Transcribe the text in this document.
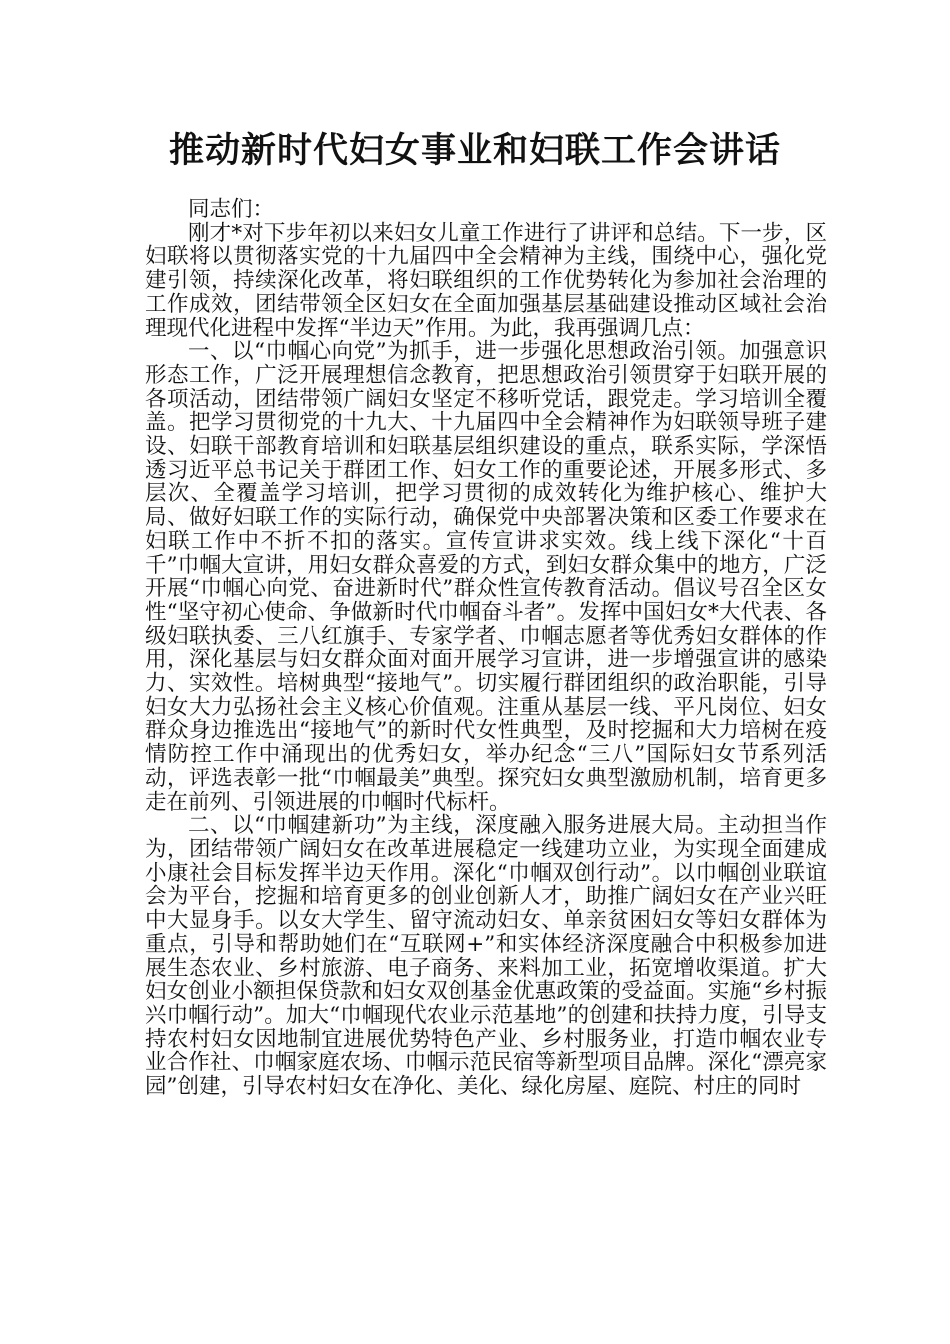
推动新时代妇女事业和妇联工作会讲话

同志们：

刚才*对下步年初以来妇女儿童工作进行了讲评和总结。下一步，区妇联将以贯彻落实党的十九届四中全会精神为主线，围绕中心，强化党建引领，持续深化改革，将妇联组织的工作优势转化为参加社会治理的工作成效，团结带领全区妇女在全面加强基层基础建设推动区域社会治理现代化进程中发挥“半边天”作用。为此，我再强调几点：

一、以“巾帼心向党”为抓手，进一步强化思想政治引领。加强意识形态工作，广泛开展理想信念教育，把思想政治引领贯穿于妇联开展的各项活动，团结带领广阔妇女坚定不移听党话，跟党走。学习培训全覆盖。把学习贯彻党的十九大、十九届四中全会精神作为妇联领导班子建设、妇联干部教育培训和妇联基层组织建设的重点，联系实际，学深悟透习近平总书记关于群团工作、妇女工作的重要论述，开展多形式、多层次、全覆盖学习培训，把学习贯彻的成效转化为维护核心、维护大局、做好妇联工作的实际行动，确保党中央部署决策和区委工作要求在妇联工作中不折不扣的落实。宣传宣讲求实效。线上线下深化“十百千”巾帼大宣讲，用妇女群众喜爱的方式，到妇女群众集中的地方，广泛开展“巾帼心向党、奋进新时代”群众性宣传教育活动。倡议号召全区女性“坚守初心使命、争做新时代巾帼奋斗者”。发挥中国妇女*大代表、各级妇联执委、三八红旗手、专家学者、巾帼志愿者等优秀妇女群体的作用，深化基层与妇女群众面对面开展学习宣讲，进一步增强宣讲的感染力、实效性。培树典型“接地气”。切实履行群团组织的政治职能，引导妇女大力弘扬社会主义核心价值观。注重从基层一线、平凡岗位、妇女群众身边推选出“接地气”的新时代女性典型，及时挖掘和大力培树在疫情防控工作中涌现出的优秀妇女，举办纪念“三八”国际妇女节系列活动，评选表彰一批“巾帼最美”典型。探究妇女典型激励机制，培育更多走在前列、引领进展的巾帼时代标杆。

二、以“巾帼建新功”为主线，深度融入服务进展大局。主动担当作为，团结带领广阔妇女在改革进展稳定一线建功立业，为实现全面建成小康社会目标发挥半边天作用。深化“巾帼双创行动”。以巾帼创业联谊会为平台，挖掘和培育更多的创业创新人才，助推广阔妇女在产业兴旺中大显身手。以女大学生、留守流动妇女、单亲贫困妇女等妇女群体为重点，引导和帮助她们在“互联网+”和实体经济深度融合中积极参加进展生态农业、乡村旅游、电子商务、来料加工业，拓宽增收渠道。扩大妇女创业小额担保贷款和妇女双创基金优惠政策的受益面。实施“乡村振兴巾帼行动”。加大“巾帼现代农业示范基地”的创建和扶持力度，引导支持农村妇女因地制宜进展优势特色产业、乡村服务业，打造巾帼农业专业合作社、巾帼家庭农场、巾帼示范民宿等新型项目品牌。深化“漂亮家园”创建，引导农村妇女在净化、美化、绿化房屋、庭院、村庄的同时
